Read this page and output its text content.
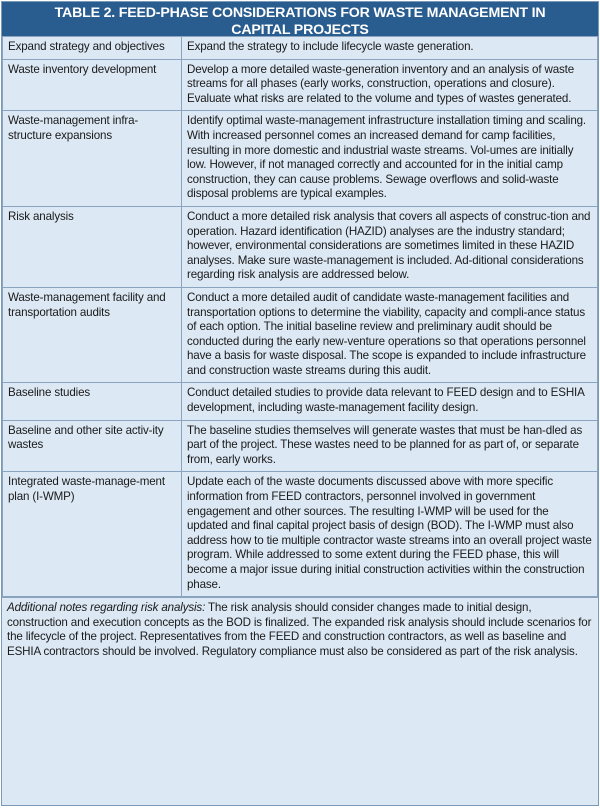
TABLE 2. FEED-PHASE CONSIDERATIONS FOR WASTE MANAGEMENT IN
CAPITAL PROJECTS
Expand strategy and objectives	Expand the strategy to include lifecycle waste generation.
Waste inventory development	Develop a more detailed waste-generation inventory and an analysis of waste streams for all phases (early works, construction, operations and closure). Evaluate what risks are related to the volume and types of wastes generated.
Waste-management infra-structure expansions	Identify optimal waste-management infrastructure installation timing and scaling. With increased personnel comes an increased demand for camp facilities, resulting in more domestic and industrial waste streams. Vol-umes are initially low. However, if not managed correctly and accounted for in the initial camp construction, they can cause problems. Sewage overflows and solid-waste disposal problems are typical examples.
Risk analysis	Conduct a more detailed risk analysis that covers all aspects of construc-tion and operation. Hazard identification (HAZID) analyses are the industry standard; however, environmental considerations are sometimes limited in these HAZID analyses. Make sure waste-management is included. Ad-ditional considerations regarding risk analysis are addressed below.
Waste-management facility and transportation audits	Conduct a more detailed audit of candidate waste-management facilities and transportation options to determine the viability, capacity and compli-ance status of each option. The initial baseline review and preliminary audit should be conducted during the early new-venture operations so that operations personnel have a basis for waste disposal. The scope is expanded to include infrastructure and construction waste streams during this audit.
Baseline studies	Conduct detailed studies to provide data relevant to FEED design and to ESHIA development, including waste-management facility design.
Baseline and other site activ-ity wastes	The baseline studies themselves will generate wastes that must be han-dled as part of the project. These wastes need to be planned for as part of, or separate from, early works.
Integrated waste-manage-ment plan (I-WMP)	Update each of the waste documents discussed above with more specific information from FEED contractors, personnel involved in government engagement and other sources. The resulting I-WMP will be used for the updated and final capital project basis of design (BOD). The I-WMP must also address how to tie multiple contractor waste streams into an overall project waste program. While addressed to some extent during the FEED phase, this will become a major issue during initial construction activities within the construction phase.
Additional notes regarding risk analysis: The risk analysis should consider changes made to initial design, construction and execution concepts as the BOD is finalized. The expanded risk analysis should include scenarios for the lifecycle of the project. Representatives from the FEED and construction contractors, as well as baseline and ESHIA contractors should be involved. Regulatory compliance must also be considered as part of the risk analysis.
